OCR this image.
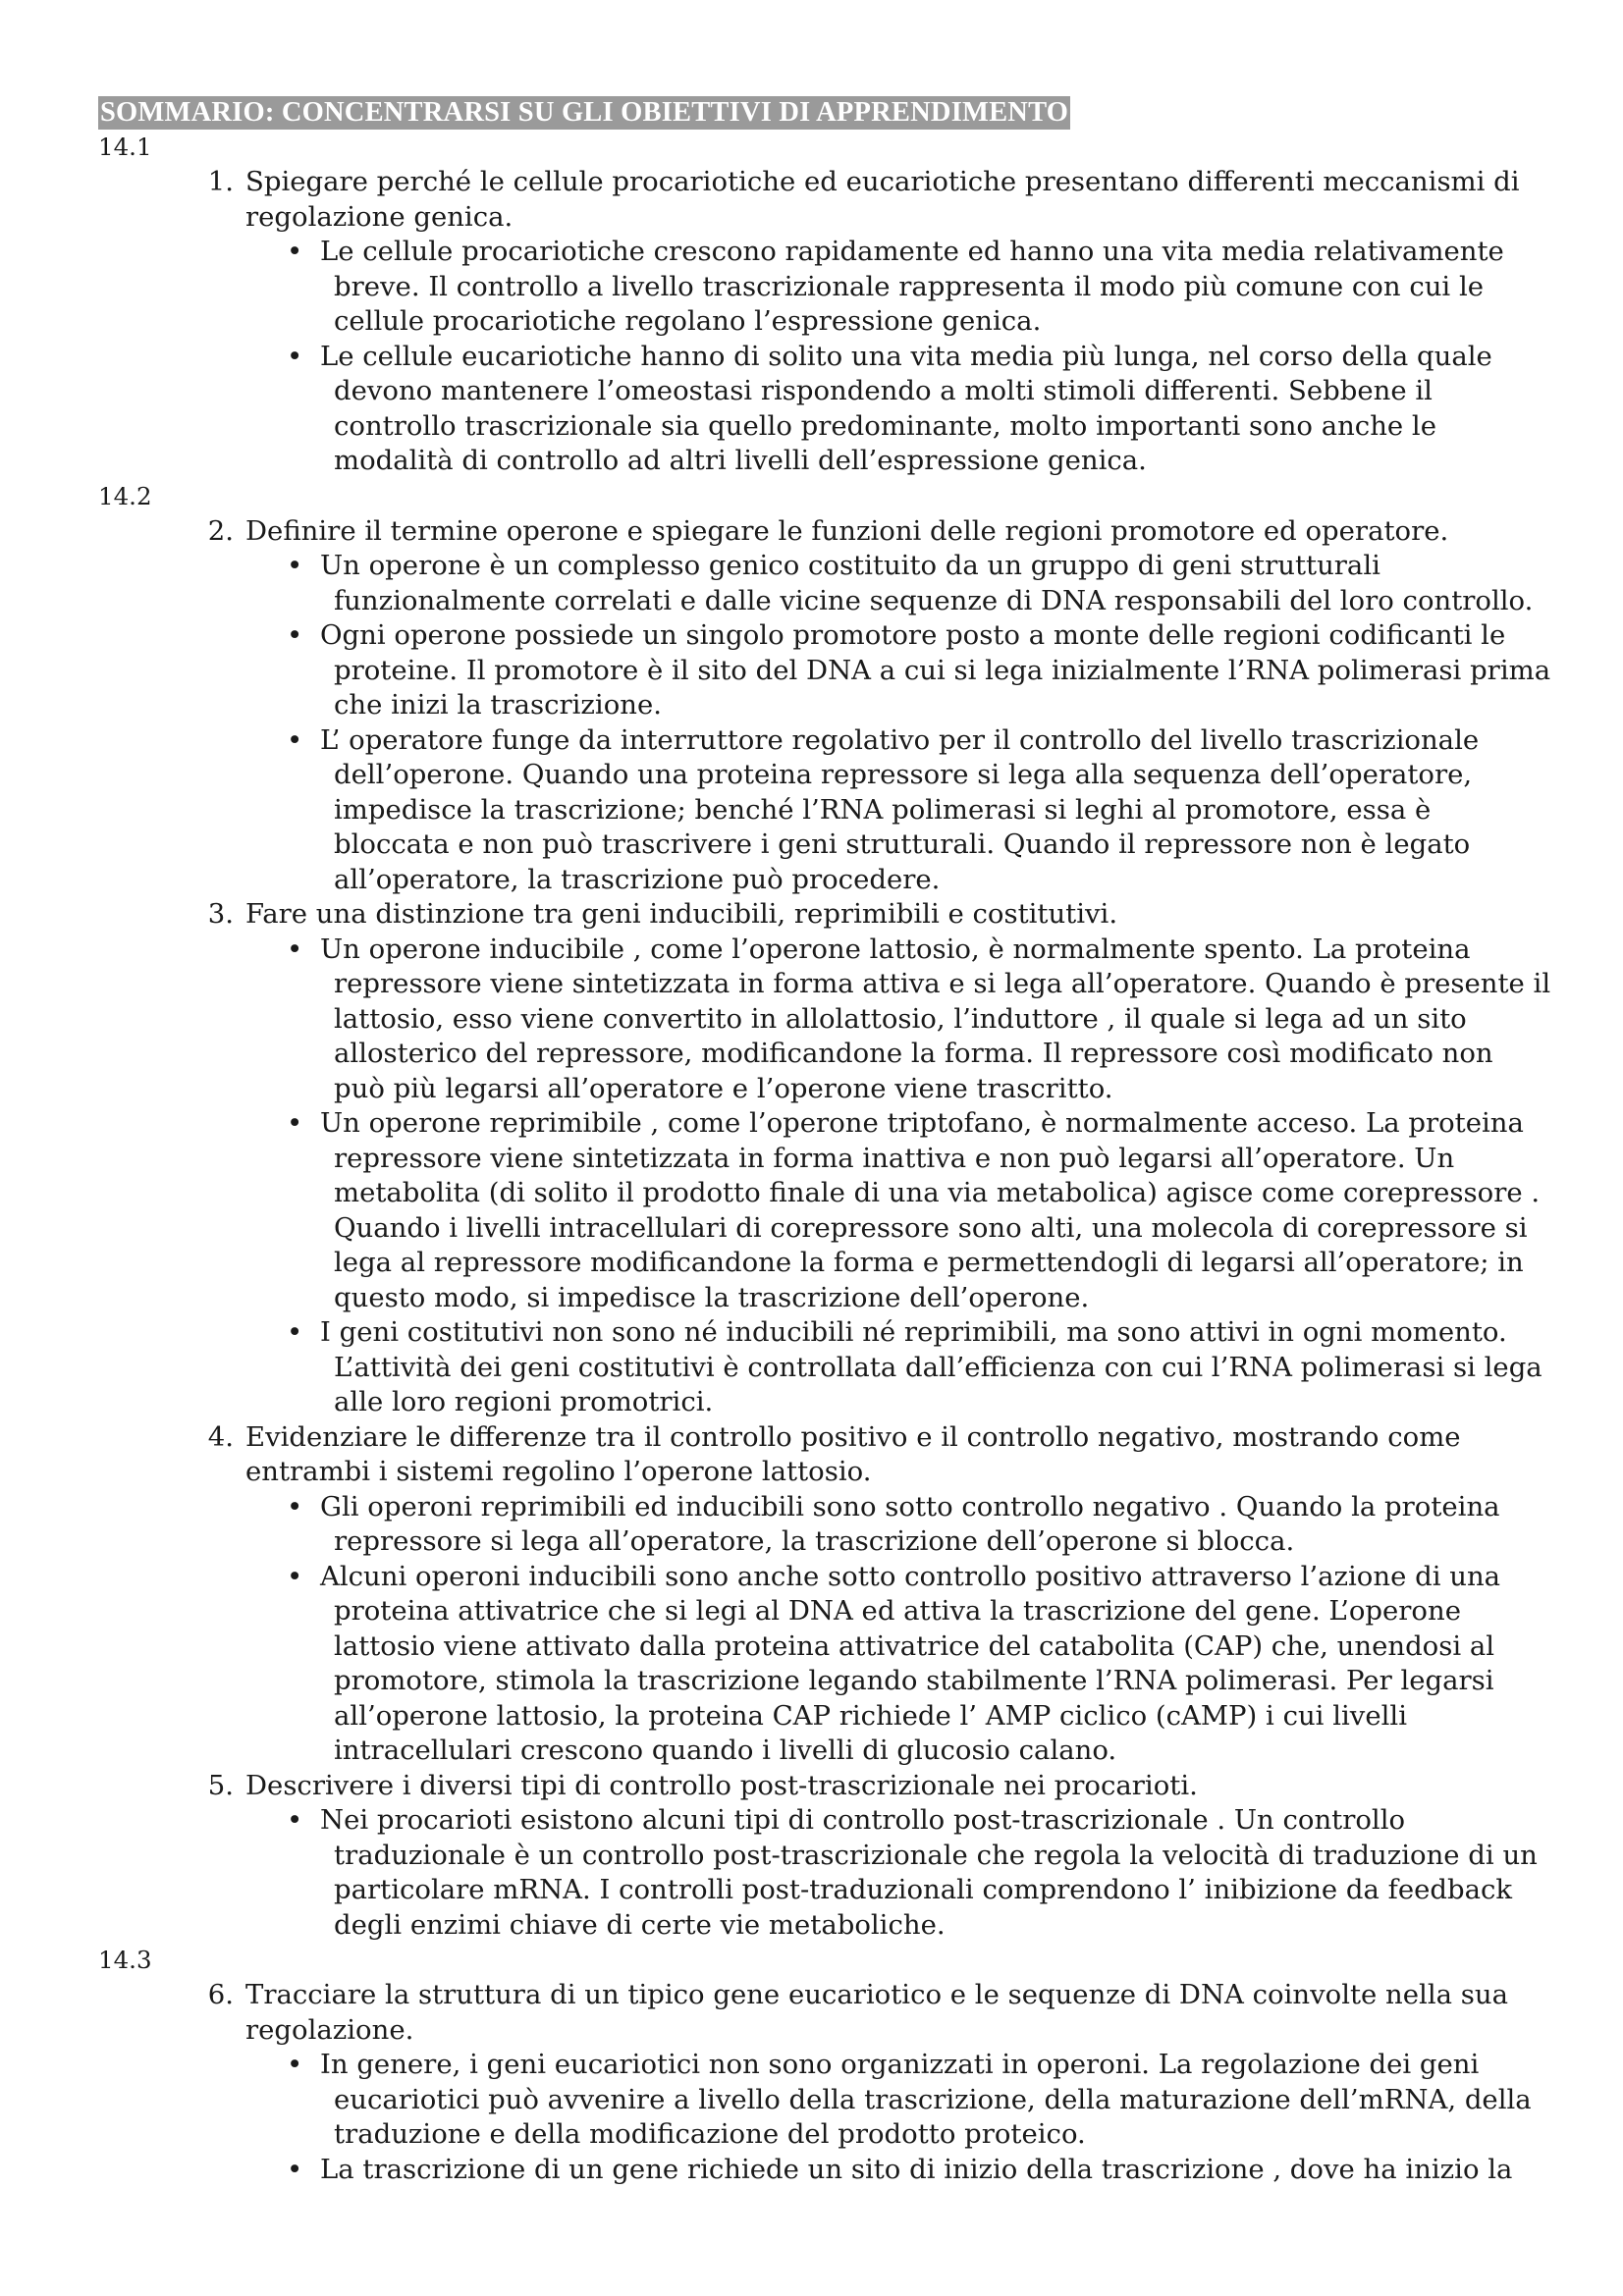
SOMMARIO: CONCENTRARSI SU GLI OBIETTIVI DI APPRENDIMENTO

14.1

1. Spiegare perché le cellule procariotiche ed eucariotiche presentano differenti meccanismi di regolazione genica.
• Le cellule procariotiche crescono rapidamente ed hanno una vita media relativamente breve. Il controllo a livello trascrizionale rappresenta il modo più comune con cui le cellule procariotiche regolano l’espressione genica.
• Le cellule eucariotiche hanno di solito una vita media più lunga, nel corso della quale devono mantenere l’omeostasi rispondendo a molti stimoli differenti. Sebbene il controllo trascrizionale sia quello predominante, molto importanti sono anche le modalità di controllo ad altri livelli dell’espressione genica.

14.2

2. Definire il termine operone e spiegare le funzioni delle regioni promotore ed operatore.
• Un operone è un complesso genico costituito da un gruppo di geni strutturali funzionalmente correlati e dalle vicine sequenze di DNA responsabili del loro controllo.
• Ogni operone possiede un singolo promotore posto a monte delle regioni codificanti le proteine. Il promotore è il sito del DNA a cui si lega inizialmente l’RNA polimerasi prima che inizi la trascrizione.
• L’ operatore funge da interruttore regolativo per il controllo del livello trascrizionale dell’operone. Quando una proteina repressore si lega alla sequenza dell’operatore, impedisce la trascrizione; benché l’RNA polimerasi si leghi al promotore, essa è bloccata e non può trascrivere i geni strutturali. Quando il repressore non è legato all’operatore, la trascrizione può procedere.
3. Fare una distinzione tra geni inducibili, reprimibili e costitutivi.
• Un operone inducibile , come l’operone lattosio, è normalmente spento. La proteina repressore viene sintetizzata in forma attiva e si lega all’operatore. Quando è presente il lattosio, esso viene convertito in allolattosio, l’induttore , il quale si lega ad un sito allosterico del repressore, modificandone la forma. Il repressore così modificato non può più legarsi all’operatore e l’operone viene trascritto.
• Un operone reprimibile , come l’operone triptofano, è normalmente acceso. La proteina repressore viene sintetizzata in forma inattiva e non può legarsi all’operatore. Un metabolita (di solito il prodotto finale di una via metabolica) agisce come corepressore . Quando i livelli intracellulari di corepressore sono alti, una molecola di corepressore si lega al repressore modificandone la forma e permettendogli di legarsi all’operatore; in questo modo, si impedisce la trascrizione dell’operone.
• I geni costitutivi non sono né inducibili né reprimibili, ma sono attivi in ogni momento. L’attività dei geni costitutivi è controllata dall’efficienza con cui l’RNA polimerasi si lega alle loro regioni promotrici.
4. Evidenziare le differenze tra il controllo positivo e il controllo negativo, mostrando come entrambi i sistemi regolino l’operone lattosio.
• Gli operoni reprimibili ed inducibili sono sotto controllo negativo . Quando la proteina repressore si lega all’operatore, la trascrizione dell’operone si blocca.
• Alcuni operoni inducibili sono anche sotto controllo positivo attraverso l’azione di una proteina attivatrice che si legi al DNA ed attiva la trascrizione del gene. L’operone lattosio viene attivato dalla proteina attivatrice del catabolita (CAP) che, unendosi al promotore, stimola la trascrizione legando stabilmente l’RNA polimerasi. Per legarsi all’operone lattosio, la proteina CAP richiede l’ AMP ciclico (cAMP) i cui livelli intracellulari crescono quando i livelli di glucosio calano.
5. Descrivere i diversi tipi di controllo post-trascrizionale nei procarioti.
• Nei procarioti esistono alcuni tipi di controllo post-trascrizionale . Un controllo traduzionale è un controllo post-trascrizionale che regola la velocità di traduzione di un particolare mRNA. I controlli post-traduzionali comprendono l’ inibizione da feedback degli enzimi chiave di certe vie metaboliche.

14.3

6. Tracciare la struttura di un tipico gene eucariotico e le sequenze di DNA coinvolte nella sua regolazione.
• In genere, i geni eucariotici non sono organizzati in operoni. La regolazione dei geni eucariotici può avvenire a livello della trascrizione, della maturazione dell’mRNA, della traduzione e della modificazione del prodotto proteico.
• La trascrizione di un gene richiede un sito di inizio della trascrizione , dove ha inizio la
